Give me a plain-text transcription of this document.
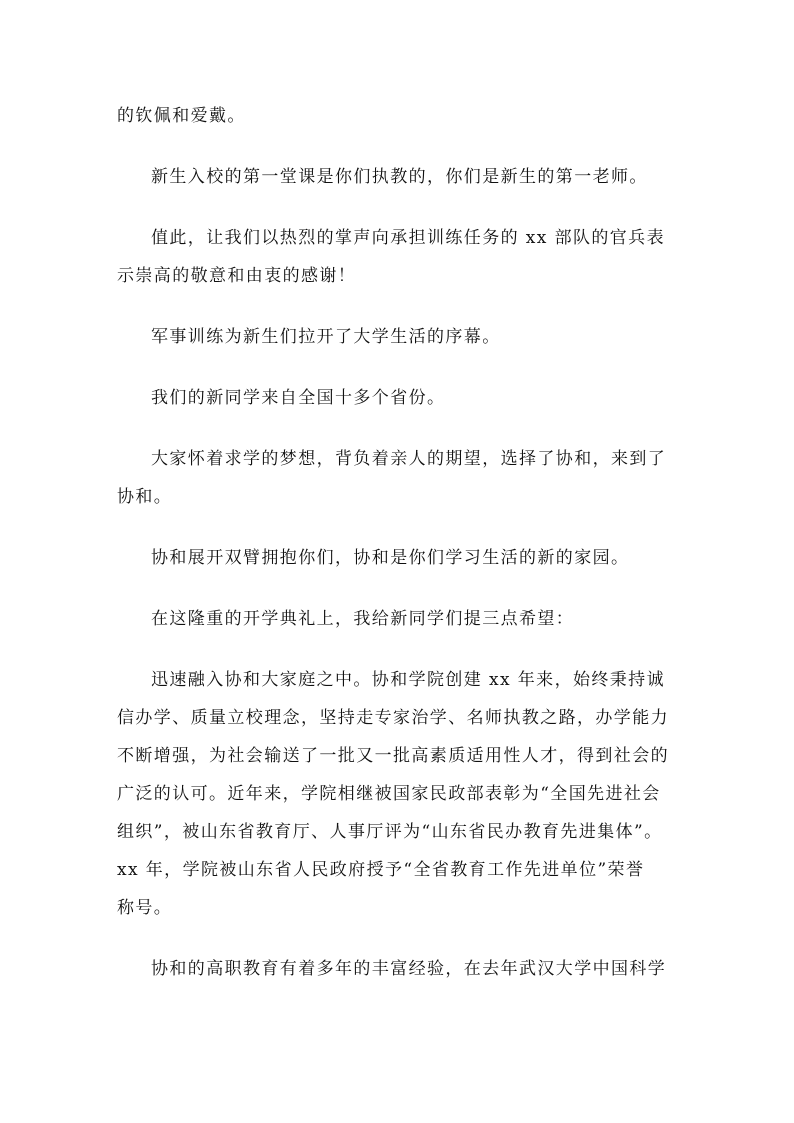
的钦佩和爱戴。

新生入校的第一堂课是你们执教的，你们是新生的第一老师。

值此，让我们以热烈的掌声向承担训练任务的 xx 部队的官兵表
示崇高的敬意和由衷的感谢！

军事训练为新生们拉开了大学生活的序幕。

我们的新同学来自全国十多个省份。

大家怀着求学的梦想，背负着亲人的期望，选择了协和，来到了
协和。

协和展开双臂拥抱你们，协和是你们学习生活的新的家园。

在这隆重的开学典礼上，我给新同学们提三点希望：

迅速融入协和大家庭之中。协和学院创建 xx 年来，始终秉持诚
信办学、质量立校理念，坚持走专家治学、名师执教之路，办学能力
不断增强，为社会输送了一批又一批高素质适用性人才，得到社会的
广泛的认可。近年来，学院相继被国家民政部表彰为“全国先进社会
组织”，被山东省教育厅、人事厅评为“山东省民办教育先进集体”。
xx 年，学院被山东省人民政府授予“全省教育工作先进单位”荣誉
称号。

协和的高职教育有着多年的丰富经验，在去年武汉大学中国科学
